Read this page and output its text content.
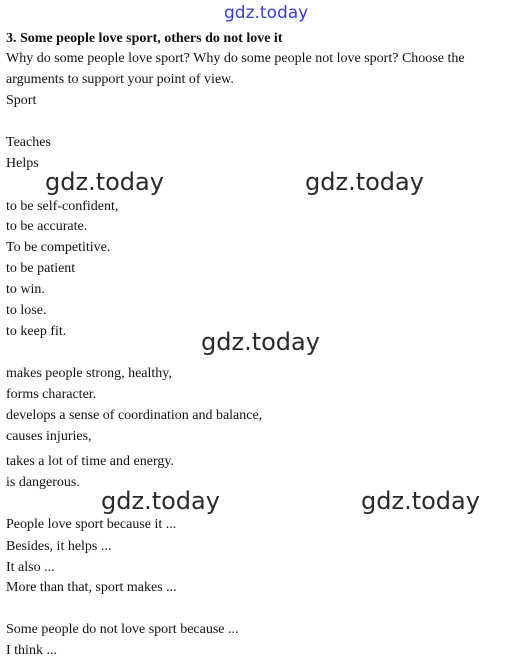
gdz.today
3. Some people love sport, others do not love it
Why do some people love sport? Why do some people not love sport? Choose the
arguments to support your point of view.
Sport
Teaches
Helps
gdz.today	gdz.today
to be self-confident,
to be accurate.
To be competitive.
to be patient
to win.
to lose.
to keep fit.	gdz.today
makes people strong, healthy,
forms character.
develops a sense of coordination and balance,
causes injuries,
takes a lot of time and energy.
is dangerous.
gdz.today	gdz.today
People love sport because it ...
Besides, it helps ...
It also ...
More than that, sport makes ...
Some people do not love sport because ...
I think ...
